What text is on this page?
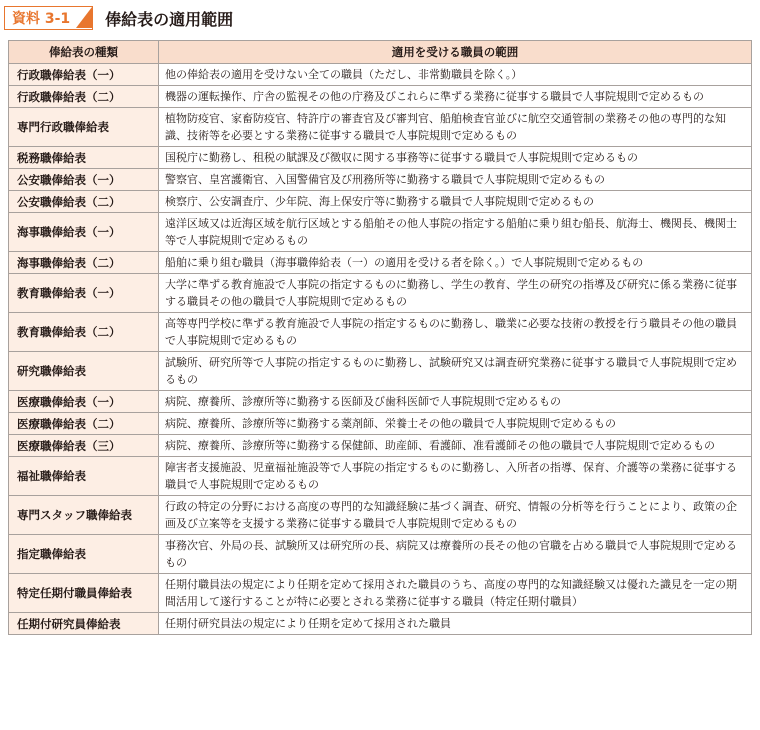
資料 3-1 俸給表の適用範囲
俸給表の種類	適用を受ける職員の範囲
行政職俸給表（一）	他の俸給表の適用を受けない全ての職員（ただし、非常勤職員を除く。）
行政職俸給表（二）	機器の運転操作、庁舎の監視その他の庁務及びこれらに準ずる業務に従事する職員で人事院規則で定めるもの
専門行政職俸給表	植物防疫官、家畜防疫官、特許庁の審査官及び審判官、船舶検査官並びに航空交通管制の業務その他の専門的な知識、技術等を必要とする業務に従事する職員で人事院規則で定めるもの
税務職俸給表	国税庁に勤務し、租税の賦課及び徴収に関する事務等に従事する職員で人事院規則で定めるもの
公安職俸給表（一）	警察官、皇宮護衛官、入国警備官及び刑務所等に勤務する職員で人事院規則で定めるもの
公安職俸給表（二）	検察庁、公安調査庁、少年院、海上保安庁等に勤務する職員で人事院規則で定めるもの
海事職俸給表（一）	遠洋区域又は近海区域を航行区域とする船舶その他人事院の指定する船舶に乗り組む船長、航海士、機関長、機関士等で人事院規則で定めるもの
海事職俸給表（二）	船舶に乗り組む職員（海事職俸給表（一）の適用を受ける者を除く。）で人事院規則で定めるもの
教育職俸給表（一）	大学に準ずる教育施設で人事院の指定するものに勤務し、学生の教育、学生の研究の指導及び研究に係る業務に従事する職員その他の職員で人事院規則で定めるもの
教育職俸給表（二）	高等専門学校に準ずる教育施設で人事院の指定するものに勤務し、職業に必要な技術の教授を行う職員その他の職員で人事院規則で定めるもの
研究職俸給表	試験所、研究所等で人事院の指定するものに勤務し、試験研究又は調査研究業務に従事する職員で人事院規則で定めるもの
医療職俸給表（一）	病院、療養所、診療所等に勤務する医師及び歯科医師で人事院規則で定めるもの
医療職俸給表（二）	病院、療養所、診療所等に勤務する薬剤師、栄養士その他の職員で人事院規則で定めるもの
医療職俸給表（三）	病院、療養所、診療所等に勤務する保健師、助産師、看護師、准看護師その他の職員で人事院規則で定めるもの
福祉職俸給表	障害者支援施設、児童福祉施設等で人事院の指定するものに勤務し、入所者の指導、保育、介護等の業務に従事する職員で人事院規則で定めるもの
専門スタッフ職俸給表	行政の特定の分野における高度の専門的な知識経験に基づく調査、研究、情報の分析等を行うことにより、政策の企画及び立案等を支援する業務に従事する職員で人事院規則で定めるもの
指定職俸給表	事務次官、外局の長、試験所又は研究所の長、病院又は療養所の長その他の官職を占める職員で人事院規則で定めるもの
特定任期付職員俸給表	任期付職員法の規定により任期を定めて採用された職員のうち、高度の専門的な知識経験又は優れた識見を一定の期間活用して遂行することが特に必要とされる業務に従事する職員（特定任期付職員）
任期付研究員俸給表	任期付研究員法の規定により任期を定めて採用された職員
